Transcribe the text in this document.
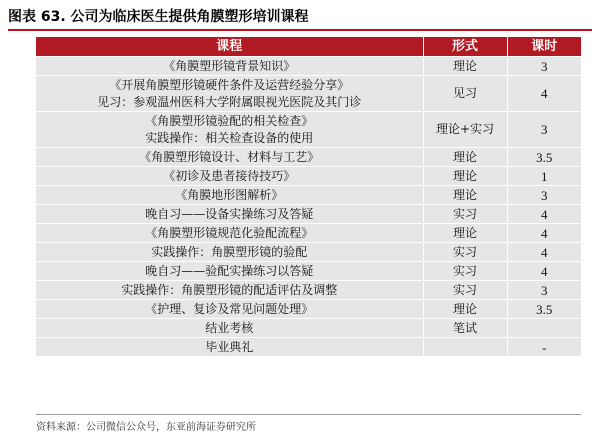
图表 63. 公司为临床医生提供角膜塑形培训课程
课程	形式	课时

《角膜塑形镜背景知识》	理论	3

《开展角膜塑形镜硬件条件及运营经验分享》
见习：参观温州医科大学附属眼视光医院及其门诊	见习	4

《角膜塑形镜验配的相关检查》
实践操作：相关检查设备的使用	理论+实习	3

《角膜塑形镜设计、材料与工艺》	理论	3.5

《初诊及患者接待技巧》	理论	1

《角膜地形图解析》	理论	3

晚自习——设备实操练习及答疑	实习	4

《角膜塑形镜规范化验配流程》	理论	4

实践操作：角膜塑形镜的验配	实习	4

晚自习——验配实操练习以答疑	实习	4

实践操作：角膜塑形镜的配适评估及调整	实习	3

《护理、复诊及常见问题处理》	理论	3.5

结业考核	笔试	

毕业典礼		-
资料来源：公司微信公众号，东亚前海证券研究所
